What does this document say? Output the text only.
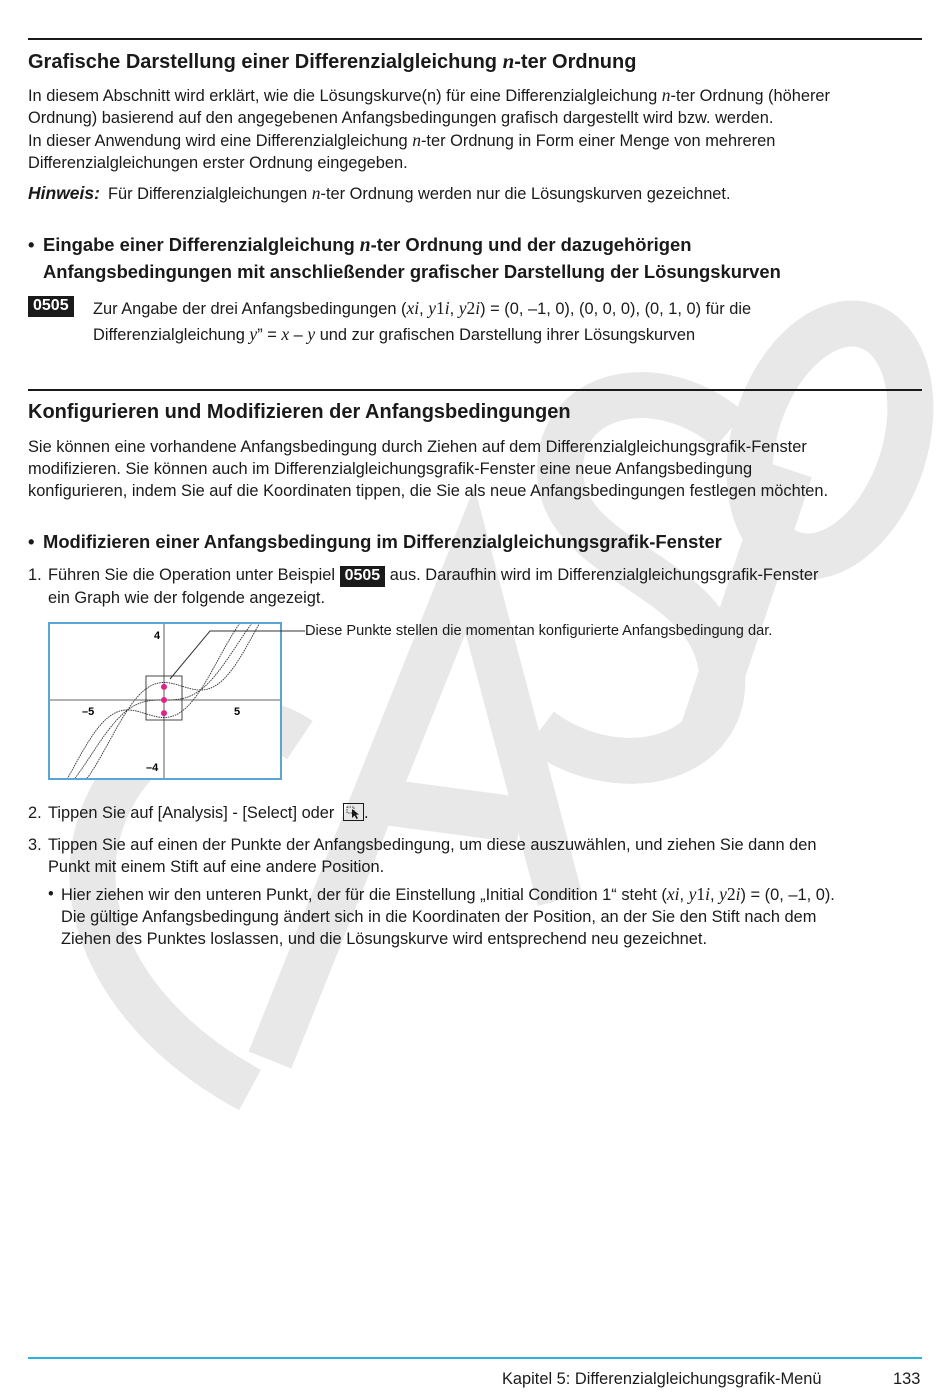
Grafische Darstellung einer Differenzialgleichung n-ter Ordnung
In diesem Abschnitt wird erklärt, wie die Lösungskurve(n) für eine Differenzialgleichung n-ter Ordnung (höherer
Ordnung) basierend auf den angegebenen Anfangsbedingungen grafisch dargestellt wird bzw. werden.
In dieser Anwendung wird eine Differenzialgleichung n-ter Ordnung in Form einer Menge von mehreren
Differenzialgleichungen erster Ordnung eingegeben.
Hinweis: Für Differenzialgleichungen n-ter Ordnung werden nur die Lösungskurven gezeichnet.
• Eingabe einer Differenzialgleichung n-ter Ordnung und der dazugehörigen
Anfangsbedingungen mit anschließender grafischer Darstellung der Lösungskurven
0505	Zur Angabe der drei Anfangsbedingungen (xi, y1i, y2i) = (0, –1, 0), (0, 0, 0), (0, 1, 0) für die
Differenzialgleichung y” = x – y und zur grafischen Darstellung ihrer Lösungskurven
Konfigurieren und Modifizieren der Anfangsbedingungen
Sie können eine vorhandene Anfangsbedingung durch Ziehen auf dem Differenzialgleichungsgrafik-Fenster
modifizieren. Sie können auch im Differenzialgleichungsgrafik-Fenster eine neue Anfangsbedingung
konfigurieren, indem Sie auf die Koordinaten tippen, die Sie als neue Anfangsbedingungen festlegen möchten.
• Modifizieren einer Anfangsbedingung im Differenzialgleichungsgrafik-Fenster
1. Führen Sie die Operation unter Beispiel 0505 aus. Daraufhin wird im Differenzialgleichungsgrafik-Fenster
ein Graph wie der folgende angezeigt.
4
–4
–5	5
Diese Punkte stellen die momentan konfigurierte Anfangsbedingung dar.
2. Tippen Sie auf [Analysis] - [Select] oder .
3. Tippen Sie auf einen der Punkte der Anfangsbedingung, um diese auszuwählen, und ziehen Sie dann den
Punkt mit einem Stift auf eine andere Position.
• Hier ziehen wir den unteren Punkt, der für die Einstellung „Initial Condition 1“ steht (xi, y1i, y2i) = (0, –1, 0).
Die gültige Anfangsbedingung ändert sich in die Koordinaten der Position, an der Sie den Stift nach dem
Ziehen des Punktes loslassen, und die Lösungskurve wird entsprechend neu gezeichnet.
Kapitel 5: Differenzialgleichungsgrafik-Menü	133
